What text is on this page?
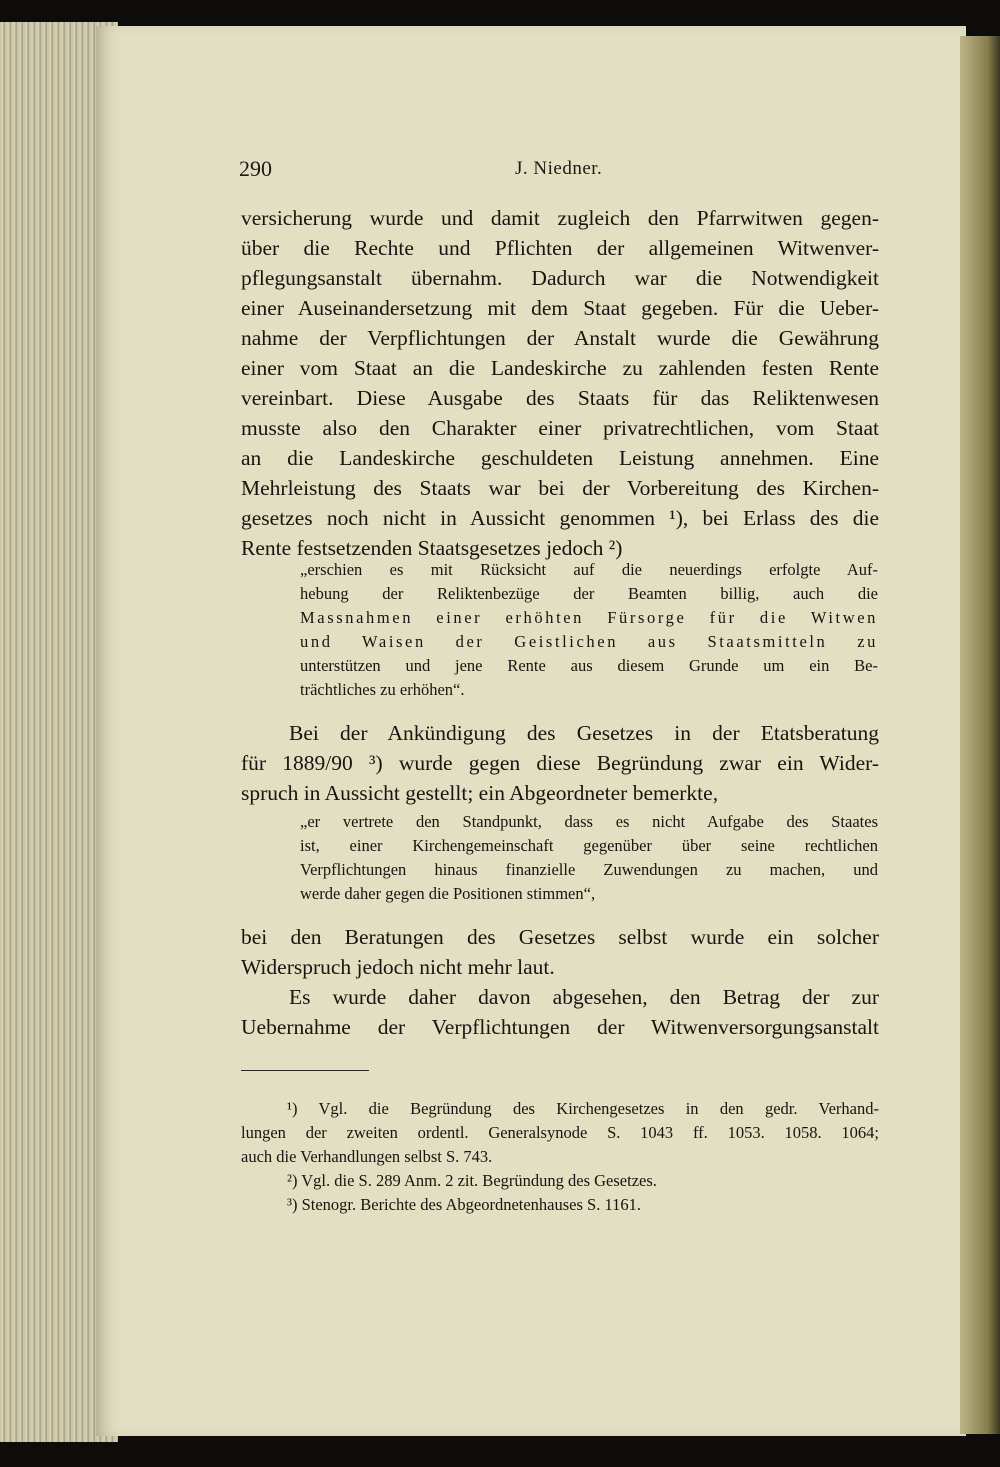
290	J. Niedner.
versicherung wurde und damit zugleich den Pfarrwitwen gegen-
über die Rechte und Pflichten der allgemeinen Witwenver-
pflegungsanstalt übernahm. Dadurch war die Notwendigkeit
einer Auseinandersetzung mit dem Staat gegeben. Für die Ueber-
nahme der Verpflichtungen der Anstalt wurde die Gewährung
einer vom Staat an die Landeskirche zu zahlenden festen Rente
vereinbart. Diese Ausgabe des Staats für das Reliktenwesen
musste also den Charakter einer privatrechtlichen, vom Staat
an die Landeskirche geschuldeten Leistung annehmen. Eine
Mehrleistung des Staats war bei der Vorbereitung des Kirchen-
gesetzes noch nicht in Aussicht genommen ¹), bei Erlass des die
Rente festsetzenden Staatsgesetzes jedoch ²)
„erschien es mit Rücksicht auf die neuerdings erfolgte Auf-
hebung der Reliktenbezüge der Beamten billig, auch die
Massnahmen einer erhöhten Fürsorge für die Witwen
und Waisen der Geistlichen aus Staatsmitteln zu
unterstützen und jene Rente aus diesem Grunde um ein Be-
trächtliches zu erhöhen“.
Bei der Ankündigung des Gesetzes in der Etatsberatung
für 1889/90 ³) wurde gegen diese Begründung zwar ein Wider-
spruch in Aussicht gestellt; ein Abgeordneter bemerkte,
„er vertrete den Standpunkt, dass es nicht Aufgabe des Staates
ist, einer Kirchengemeinschaft gegenüber über seine rechtlichen
Verpflichtungen hinaus finanzielle Zuwendungen zu machen, und
werde daher gegen die Positionen stimmen“,
bei den Beratungen des Gesetzes selbst wurde ein solcher
Widerspruch jedoch nicht mehr laut.
Es wurde daher davon abgesehen, den Betrag der zur
Uebernahme der Verpflichtungen der Witwenversorgungsanstalt
¹) Vgl. die Begründung des Kirchengesetzes in den gedr. Verhand-
lungen der zweiten ordentl. Generalsynode S. 1043 ff. 1053. 1058. 1064;
auch die Verhandlungen selbst S. 743.
²) Vgl. die S. 289 Anm. 2 zit. Begründung des Gesetzes.
³) Stenogr. Berichte des Abgeordnetenhauses S. 1161.
